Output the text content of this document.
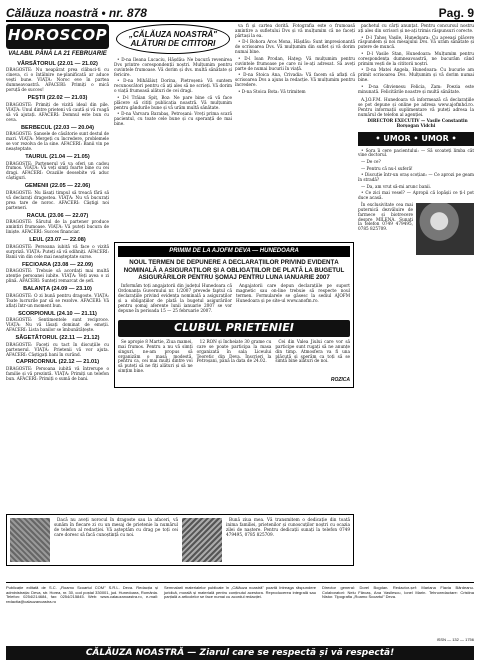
Călăuza noastră • nr. 878	Pag. 9
HOROSCOP
VALABIL PÂNĂ LA 21 FEBRUARIE
VĂRSĂTORUL (22.01 — 21.02)

DRAGOSTE: Nu neapărat prea clăbuci-ti cu cineva, ci o întâlnire ne-planificată ar aduce vești bune. VIAȚA: Noroc eve în partea dumneavoastră. AFACERI: Primiți o mică poruță de succes!

PEȘTII (22.02 — 21.03)

DRAGOSTE: Primiți de vizită ideal din pile. VIAȚA: Unul dintre prieteni vă caută și vă roagă să vă ajutați. AFACERI: Domnul este bun cu ceva.

BERBECUL (22.03 — 20.04)

DRAGOSTE: Șansele de căsătorie sunt destul de mari. VIAȚA: Mergeți cu încredere, problemele se vor rezolva de la sine. AFACERI: Banii vin pe neașteptate.

TAURUL (21.04 — 21.05)

DRAGOSTE: Partenerul vă va oferi un cadou frumos. VIAȚA: Vă veți simți foarte bine cu cei dragi. AFACERI: Ocaziile deosebite vă aduc câștiguri.

GEMENII (22.05 — 22.06)

DRAGOSTE: Nu lăsați timpul să treacă fără să vă declarați dragostea. VIAȚA: Nu vă bucurați prea tare de noroc. AFACERI: Câștigi noi parteneri.

RACUL (23.06 — 22.07)

DRAGOSTE: Sărutul de la partener produce amintiri frumoase. VIAȚA: Vă puteți bucura de liniște. AFACERI: Succes financiar.

LEUL (23.07 — 22.08)

DRAGOSTE: Persoana iubită vă face o vizită surpriză. VIAȚA: Puteți să vă odihniți. AFACERI: Banii vin din cele mai neașteptate surse.

FECIOARA (23.08 — 22.09)

DRAGOSTE: Trebuie să acordați mai multă atenție persoanei iubite. VIAȚA: Veți avea o zi plină. AFACERI: Sunteți remarcat de șefi.

BALANȚA (24.09 — 23.10)

DRAGOSTE: O zi bună pentru dragoste. VIAȚA: Toate lucrurile par să se rezolve. AFACERI: Vă aflați într-un moment bun.

SCORPIONUL (24.10 — 21.11)

DRAGOSTE: Sentimentele sunt reciproce. VIAȚA: Nu vă lăsați dominat de emoții. AFACERI: Lista banilor se îmbunătățește.

SĂGETĂTORUL (22.11 — 21.12)

DRAGOSTE: Faceți cu tact în discuțiile cu partenerul. VIAȚA: Prietenii vă vor ajuta. AFACERI: Câștigați bani în curând.

CAPRICORNUL (22.12 — 21.01)

DRAGOSTE: Persoana iubită vă întrerupe o familie și vă prezintă. VIAȚA: Primiți un telefon bun. AFACERI: Primiți o sumă de bani.

„CĂLĂUZA NOASTRĂ"
ALĂTURI DE CITITORI

• D-na Ileana Lucaciu, Hășdău: Ne bucură revenirea Dvs printre corespondenții noștri. Mulțumim pentru cuvintele frumoase. Vă dorim și dvs. multă sănătate și fericire.

• D-na Mihălăiuț Dorina, Pietroșeni: Vă suntem recunoscători pentru că ați ales să ne scrieți. Vă dorim o viață frumoasă alături de cei dragi.

• D-l Trăian Spiț, Boz: Ne pare bine că vă face plăcere să citiți publicația noastră. Vă mulțumim pentru gândurile bune și vă urăm multă sănătate.

• D-na Varvara Barabaș, Petroșani: Vreți prima scară pacientul, cu toate cele bune și cu speranță de mai bine.

va fi și cartea dorită. Fotografia este o frumoasă amintire a sufletului Dvs și vă mulțumim că ne faceți părtași la ea.

• D-l Bohora Aros Mona, Hășdău: Sunt impresionantă de scrisoarea Dvs. Vă mulțumim din suflet și vă dorim numai bine.

• D-l Ioan Prodan, Hațeg: Vă mulțumim pentru cuvintele frumoase pe care ni le-ați adresat. Să aveți parte de numai bucurii în viață.

• D-na Stoica Ana, Crivadia: Vă facem să aflați că scrisoarea Dvs a ajuns la redacție. Vă mulțumim pentru încredere.

• D-na Stoica Bota: Vă trimitem

pachetul cu cărți anunțat. Pentru concursul nostru ați ales din scrisori și ne-ați trimis răspunsuri corecte.

• D-l Tahoș Vasile, Hunedoara: Cu aceeași plăcere răspundem și noi mesajului Dvs. Vă urăm sănătate și putere de muncă.

• D-l Vasile Stan, Hunedoara: Mulțumim pentru corespondența dumneavoastră, ne bucurăm când primim vești de la cititorii noștri.

• D-na Matei Angela, Hunedoara: Cu bucurie am primit scrisoarea Dvs. Mulțumim și vă dorim numai bine.

• D-na Ghvienesu Felicia, Zam: Poezia este minunată. Felicitările noastre și multă sănătate.

A.J.O.F.M. Hunedoara vă informează că declarațiile se pot depune și online pe adresa www.ajofmhd.ro. Pentru informații suplimentare vă puteți adresa la numărul de telefon al agenției.

DIRECTOR EXECUTIV — Vasile Constantin Borșogan Vidchi

• UMOR • UMOR •

• Sora îi cere pacientului: — Să scoateți limba cât vine doctorul.

— De ce?

— Pentru că nu-l suferă!

• Discuție într-un oraș scoțian: — Ce aprozi pe geam în stradă?

— Da, am vrut să-mi arunc banii.

• Ce zici mai vesel? — Apropii că lopășii ce ți-l pot duce acasă.

În exclusivitate cea mai puternică dezvăluire de farmece și biotrecere despre MILENA. Sunați la telefon 0749 479495, 0785 825709.

PRIMIM DE LA AJOFM DEVA — HUNEDOARA
NOUL TERMEN DE DEPUNERE A DECLARAȚIILOR PRIVIND EVIDENȚA NOMINALĂ A ASIGURAȚILOR ȘI A OBLIGAȚIILOR DE PLATĂ LA BUGETUL ASIGURĂRILOR PENTRU ȘOMAJ PENTRU LUNA IANUARIE 2007

Informăm toți angajatorii din județul Hunedoara că Ordonanța Guvernului nr. 1/2007 prevede faptul că declarațiile privind evidența nominală a asiguraților și a obligațiilor de plată la bugetul asigurărilor pentru șomaj aferente lunii ianuarie 2007 se vor depune în perioada 15 — 25 februarie 2007.

Angajatorii care depun declarațiile pe suport magnetic sau on-line trebuie să respecte noul termen. Formularele se găsesc la sediul AJOFM Hunedoara și pe site-ul www.anofm.ro.

CLUBUL PRIETENIEI

Se apropie 8 Martie, Ziua mamei, mai frumos. Pentru a nu vă simți singuri, ne-am propus să organizăm o masă modestă, pentru ca, cei mai mulți dintre voi să puteți să ne fiți alături și să ne simțim bine.

12 RON și încheiate 30 grame cu care se poate participa la masa organizată în sala Liceului Teoretic din Deva. Înscrieri la Petroșani, până la data de 24.02.

Cei din Valea Jiului care vor să participe sunt rugați să ne anunțe din timp. Atmosfera va fi una plăcută și sperăm ca toți să se simtă bine alături de noi.

ROZICA

Dacă nu aveți norocul în dragoste sau la afaceri, vă sunăm în fiecare zi cu un mesaj de prietenie la numărul de telefon al redacției. Vă așteptăm cu drag pe toți cei care doresc să facă cunoștință cu noi.

Bună ziua mea. Vă transmitem o dedicație din toată inima familiei, prietenilor și cunoscuților noștri cu ocazia zilei de naștere. Pentru dedicații sunați la telefon 0749 479495, 0785 825709.

Publicație editată de S.C. „Roamo Scoartul COM" S.R.L. Deva. Redacția și administrația: Deva, str. Horea, nr. 30, cod poștal 330001, jud. Hunedoara, România. Telefon: 0254/214684, fax: 0254/215845. Web: www.calauzanoastra.ro, e-mail: redactia@calauzanoastra.ro
Semnalarii materialelor publicate în „Călăuza noastră" poartă întreaga răspundere juridică, morală și materială pentru conținutul acestora. Reproducerea integrală sau parțială a articolelor se face numai cu acordul redacției.
Director general: Dorel Bogdan. Redactor-șef: Mariana Flavia Bărdeanu. Colaboratori: Nelu Fărcaș, Ana Vasilescu, Ionel Marin. Tehnoredactare: Cristina Nistor. Tipografia „Roamo Scoartul" Deva.
ISSN — 132 — 1756
CĂLĂUZA NOASTRĂ — Ziarul care se respectă și vă respectă!
